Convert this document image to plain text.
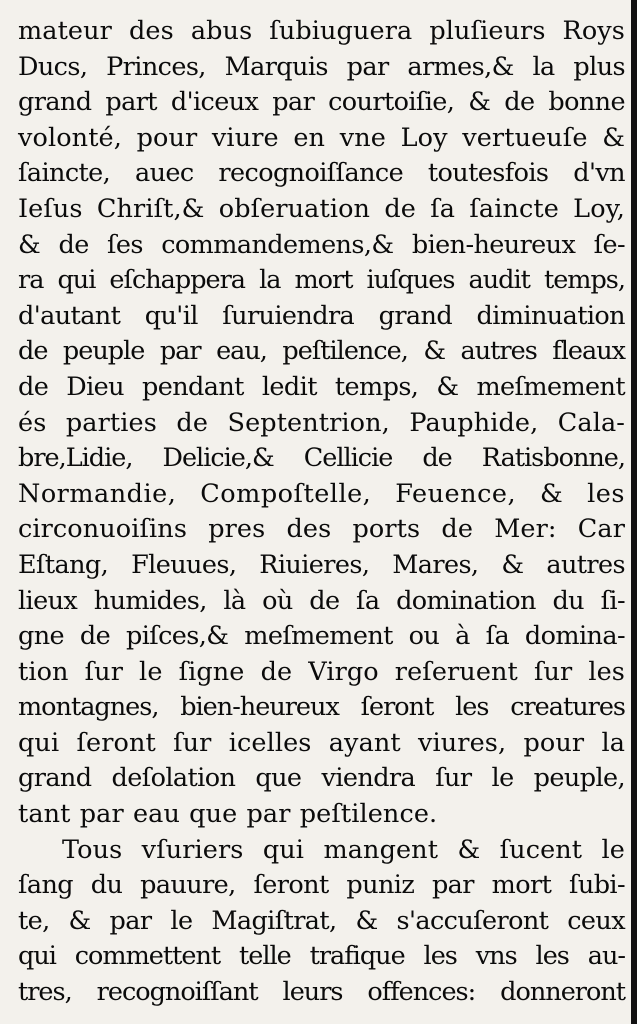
mateur des abus ſubiuguera pluſieurs Roys
Ducs, Princes, Marquis par armes,& la plus
grand part d'iceux par courtoiſie, & de bonne
volonté, pour viure en vne Loy vertueuſe &
ſaincte, auec recognoiſſance toutesfois d'vn
Ieſus Chriſt,& obſeruation de ſa ſaincte Loy,
& de ſes commandemens,& bien-heureux ſe-
ra qui eſchappera la mort iuſques audit temps,
d'autant qu'il ſuruiendra grand diminuation
de peuple par eau, peſtilence, & autres fleaux
de Dieu pendant ledit temps, & meſmement
és parties de Septentrion, Pauphide, Cala-
bre,Lidie, Delicie,& Cellicie de Ratisbonne,
Normandie, Compoſtelle, Feuence, & les
circonuoiſins pres des ports de Mer: Car
Eſtang, Fleuues, Riuieres, Mares, & autres
lieux humides, là où de ſa domination du ſi-
gne de piſces,& meſmement ou à ſa domina-
tion ſur le ſigne de Virgo reſeruent ſur les
montagnes, bien-heureux ſeront les creatures
qui ſeront ſur icelles ayant viures, pour la
grand deſolation que viendra ſur le peuple,
tant par eau que par peſtilence.
Tous vſuriers qui mangent & ſucent le
ſang du pauure, ſeront puniz par mort ſubi-
te, & par le Magiſtrat, & s'accuſeront ceux
qui commettent telle trafique les vns les au-
tres, recognoiſſant leurs offences: donneront
